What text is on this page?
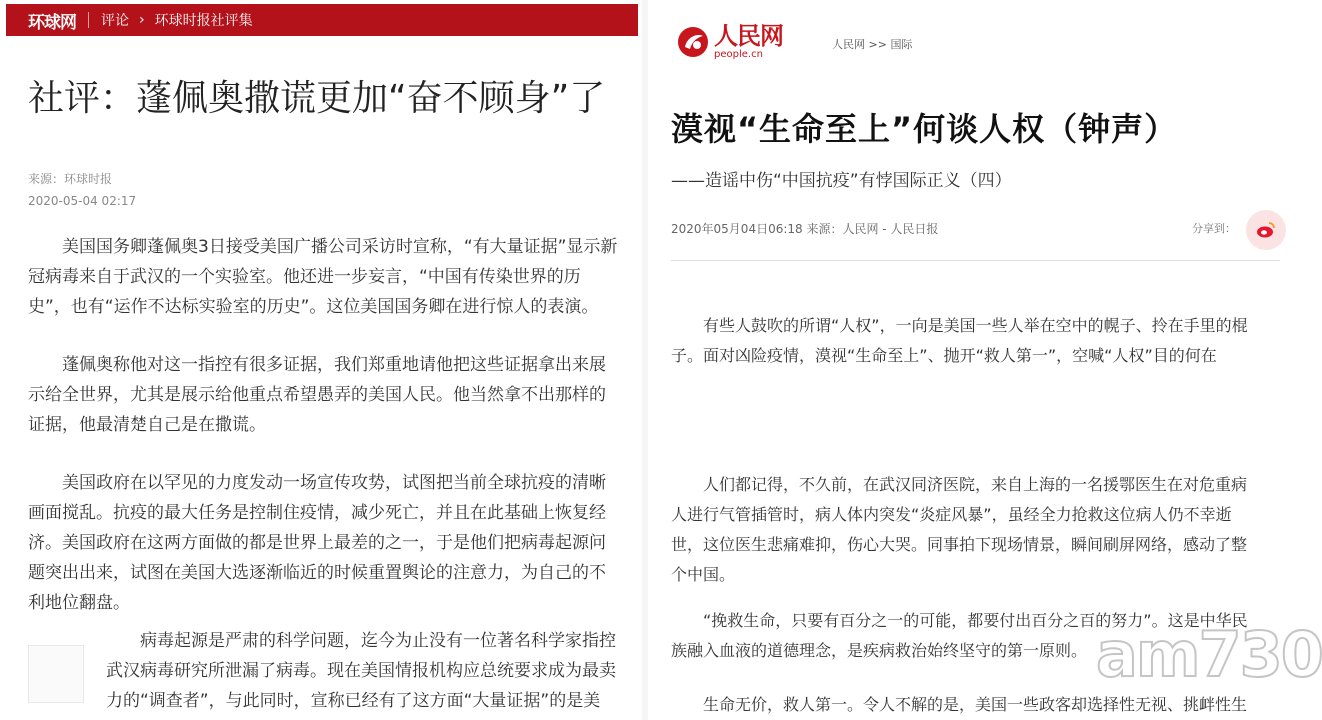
环球网 评论 › 环球时报社评集
社评：蓬佩奥撒谎更加“奋不顾身”了
来源：环球时报
2020-05-04 02:17

美国国务卿蓬佩奥3日接受美国广播公司采访时宣称，“有大量证据”显示新冠病毒来自于武汉的一个实验室。他还进一步妄言，“中国有传染世界的历史”，也有“运作不达标实验室的历史”。这位美国国务卿在进行惊人的表演。

蓬佩奥称他对这一指控有很多证据，我们郑重地请他把这些证据拿出来展示给全世界，尤其是展示给他重点希望愚弄的美国人民。他当然拿不出那样的证据，他最清楚自己是在撒谎。

美国政府在以罕见的力度发动一场宣传攻势，试图把当前全球抗疫的清晰画面搅乱。抗疫的最大任务是控制住疫情，减少死亡，并且在此基础上恢复经济。美国政府在这两方面做的都是世界上最差的之一，于是他们把病毒起源问题突出出来，试图在美国大选逐渐临近的时候重置舆论的注意力，为自己的不利地位翻盘。

病毒起源是严肃的科学问题，迄今为止没有一位著名科学家指控武汉病毒研究所泄漏了病毒。现在美国情报机构应总统要求成为最卖力的“调查者”，与此同时，宣称已经有了这方面“大量证据”的是美

人民网
people.cn
人民网 >> 国际
漠视“生命至上”何谈人权（钟声）
——造谣中伤“中国抗疫”有悖国际正义（四）
2020年05月04日06:18 来源：人民网 - 人民日报	分享到：

有些人鼓吹的所谓“人权”，一向是美国一些人举在空中的幌子、拎在手里的棍子。面对凶险疫情，漠视“生命至上”、抛开“救人第一”，空喊“人权”目的何在

人们都记得，不久前，在武汉同济医院，来自上海的一名援鄂医生在对危重病人进行气管插管时，病人体内突发“炎症风暴”，虽经全力抢救这位病人仍不幸逝世，这位医生悲痛难抑，伤心大哭。同事拍下现场情景，瞬间刷屏网络，感动了整个中国。

“挽救生命，只要有百分之一的可能，都要付出百分之百的努力”。这是中华民族融入血液的道德理念，是疾病救治始终坚守的第一原则。

生命无价，救人第一。令人不解的是，美国一些政客却选择性无视、挑衅性生

am730
